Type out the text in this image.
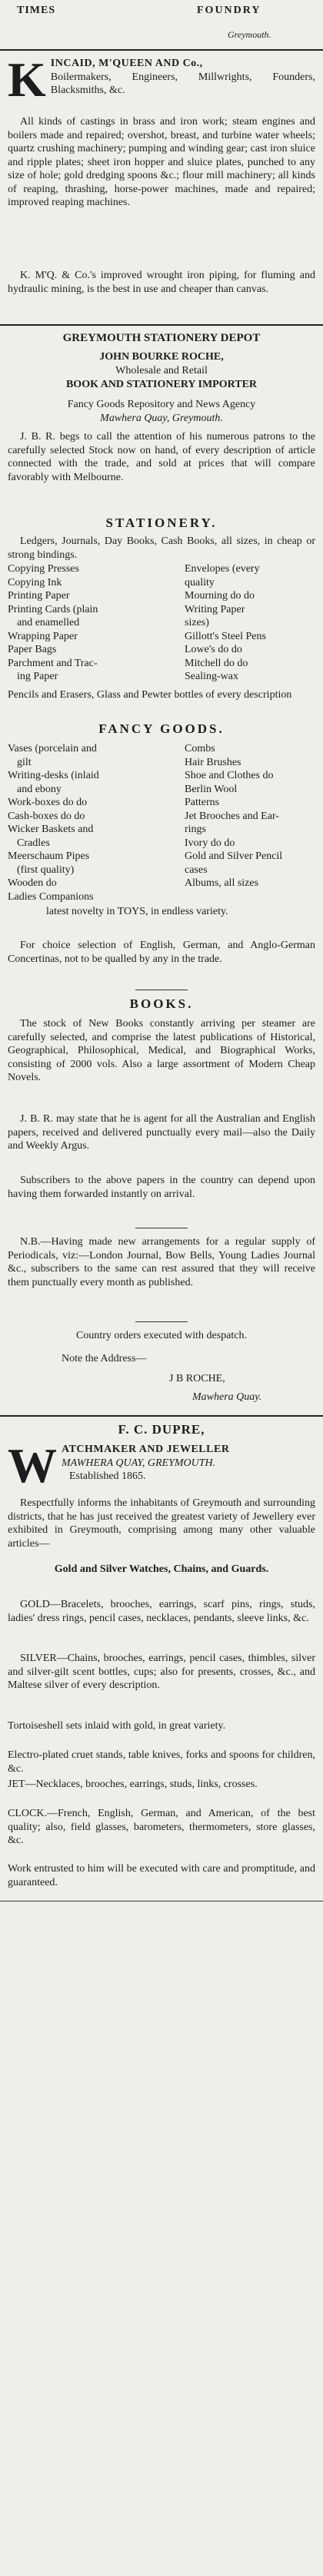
TIMES	FOUNDRY
Greymouth.
K INCAID, M'QUEEN AND Co.,
Boilermakers, Engineers, Millwrights, Founders, Blacksmiths, &c.

All kinds of castings in brass and iron work; steam engines and boilers made and repaired; overshot, breast, and turbine water wheels; quartz crushing machinery; pumping and winding gear; cast iron sluice and ripple plates; sheet iron hopper and sluice plates, punched to any size of hole; gold dredging spoons &c.; flour mill machinery; all kinds of reaping, thrashing, horse-power machines, made and repaired; improved reaping machines.

K. M'Q. & Co.'s improved wrought iron piping, for fluming and hydraulic mining, is the best in use and cheaper than canvas.

GREYMOUTH STATIONERY DEPOT

JOHN BOURKE ROCHE,

Wholesale and Retail

BOOK AND STATIONERY IMPORTER

Fancy Goods Repository and News Agency

Mawhera Quay, Greymouth.

J. B. R. begs to call the attention of his numerous patrons to the carefully selected Stock now on hand, of every description of article connected with the trade, and sold at prices that will compare favorably with Melbourne.

STATIONERY.

Ledgers, Journals, Day Books, Cash Books, all sizes, in cheap or strong bindings.

Copying Presses	Envelopes (every
Copying Ink	quality
Printing Paper	Mourning do do
Printing Cards (plain	Writing Paper
and enamelled	sizes)
Wrapping Paper	Gillott's Steel Pens
Paper Bags	Lowe's do do
Parchment and Trac-	Mitchell do do
ing Paper	Sealing-wax

Pencils and Erasers, Glass and Pewter bottles of every description

FANCY GOODS.

Vases (porcelain and	Combs
gilt	Hair Brushes
Writing-desks (inlaid	Shoe and Clothes do
and ebony	Berlin Wool
Work-boxes do do	Patterns
Cash-boxes do do	Jet Brooches and Ear-
Wicker Baskets and	rings
Cradles	Ivory do do
Meerschaum Pipes	Gold and Silver Pencil
(first quality)	cases
Wooden do	Albums, all sizes
Ladies Companions

latest novelty in TOYS, in endless variety.

For choice selection of English, German, and Anglo-German Concertinas, not to be qualled by any in the trade.

BOOKS.

The stock of New Books constantly arriving per steamer are carefully selected, and comprise the latest publications of Historical, Geographical, Philosophical, Medical, and Biographical Works, consisting of 2000 vols. Also a large assortment of Modern Cheap Novels.

J. B. R. may state that he is agent for all the Australian and English papers, received and delivered punctually every mail—also the Daily and Weekly Argus.

Subscribers to the above papers in the country can depend upon having them forwarded instantly on arrival.

N.B.—Having made new arrangements for a regular supply of Periodicals, viz:—London Journal, Bow Bells, Young Ladies Journal &c., subscribers to the same can rest assured that they will receive them punctually every month as published.

Country orders executed with despatch.

Note the Address—

J B ROCHE,

Mawhera Quay.

F. C. DUPRE,

W ATCHMAKER AND JEWELLER
MAWHERA QUAY, GREYMOUTH.
Established 1865.

Respectfully informs the inhabitants of Greymouth and surrounding districts, that he has just received the greatest variety of Jewellery ever exhibited in Greymouth, comprising among many other valuable articles—

Gold and Silver Watches, Chains, and Guards.

GOLD—Bracelets, brooches, earrings, scarf pins, rings, studs, ladies' dress rings, pencil cases, necklaces, pendants, sleeve links, &c.

SILVER—Chains, brooches, earrings, pencil cases, thimbles, silver and silver-gilt scent bottles, cups; also for presents, crosses, &c., and Maltese silver of every description.

Tortoiseshell sets inlaid with gold, in great variety.

Electro-plated cruet stands, table knives, forks and spoons for children, &c.

JET—Necklaces, brooches, earrings, studs, links, crosses.

CLOCK.—French, English, German, and American, of the best quality; also, field glasses, barometers, thermometers, store glasses, &c.

Work entrusted to him will be executed with care and promptitude, and guaranteed.
